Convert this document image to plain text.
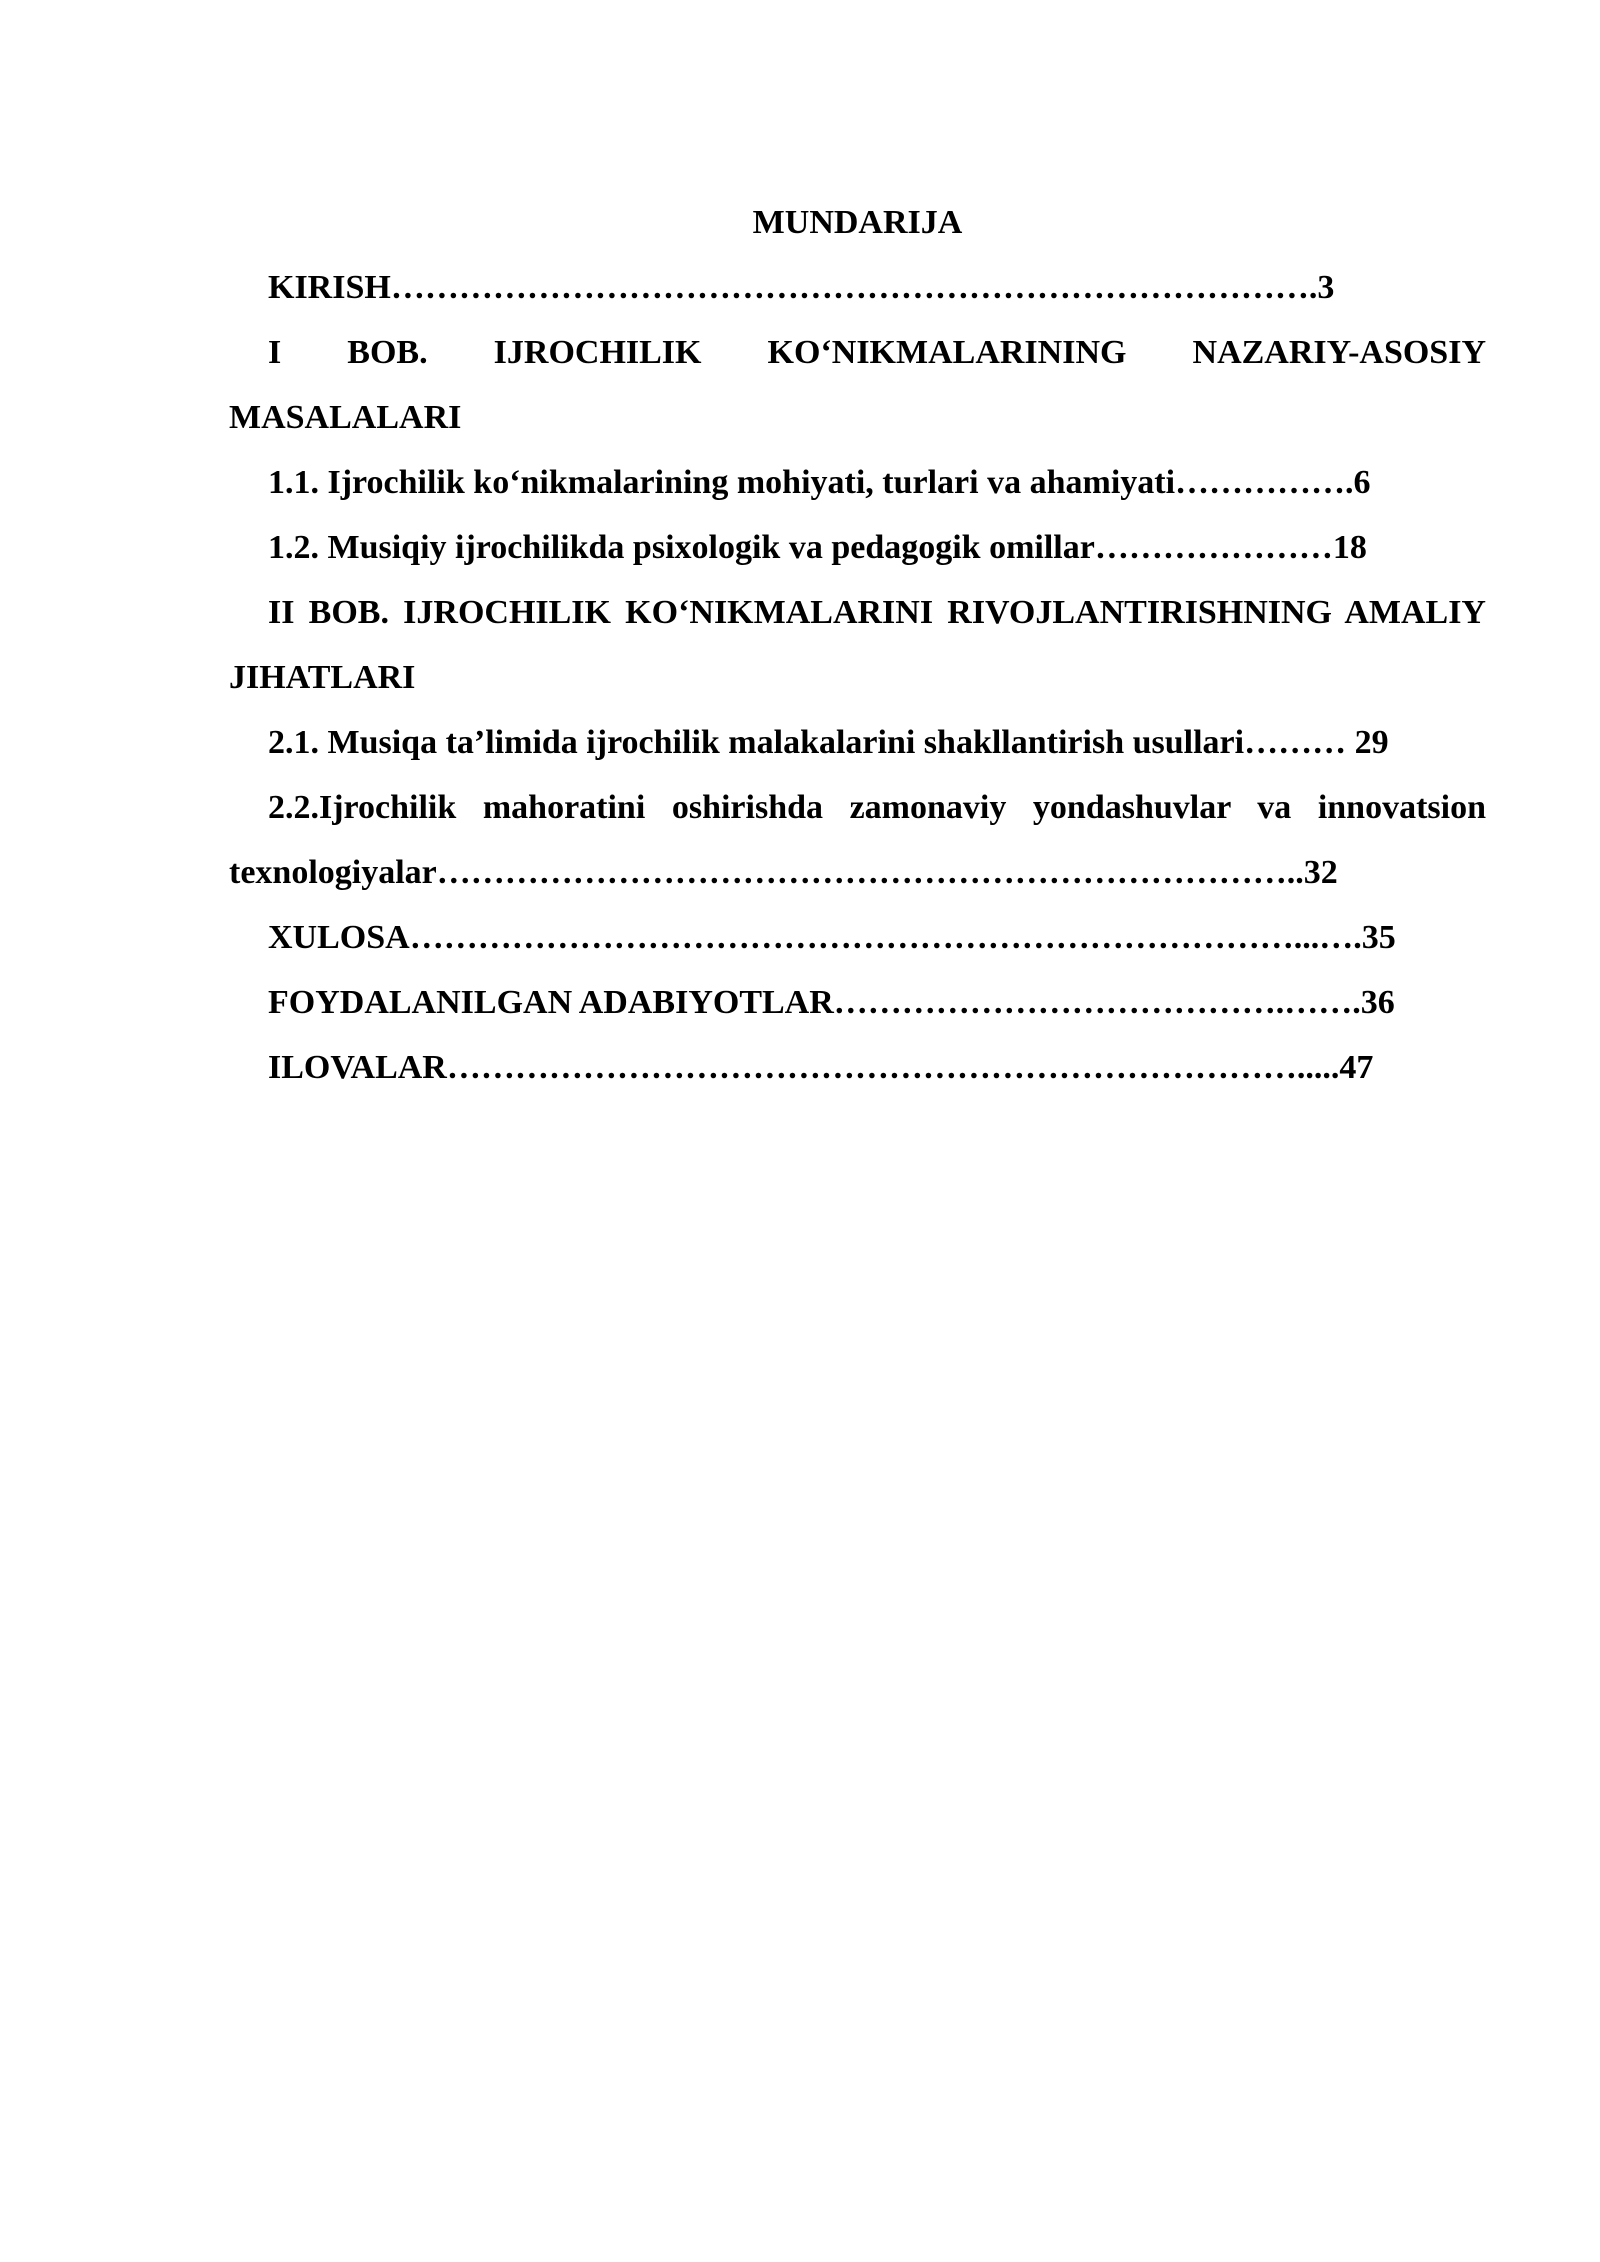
MUNDARIJA

KIRISH……………………………………………………………………….3

I BOB. IJROCHILIK KO‘NIKMALARINING NAZARIY-ASOSIY MASALALARI

1.1. Ijrochilik ko‘nikmalarining mohiyati, turlari va ahamiyati…………….6

1.2. Musiqiy ijrochilikda psixologik va pedagogik omillar…………………18

II BOB. IJROCHILIK KO‘NIKMALARINI RIVOJLANTIRISHNING AMALIY JIHATLARI

2.1. Musiqa ta’limida ijrochilik malakalarini shakllantirish usullari……… 29

2.2.Ijrochilik mahoratini oshirishda zamonaviy yondashuvlar va innovatsion texnologiyalar…………………………………………………………………..32

XULOSA……………………………………………………………………...….35

FOYDALANILGAN ADABIYOTLAR………………………………….…….36

ILOVALAR………………………………………………………………….....47
